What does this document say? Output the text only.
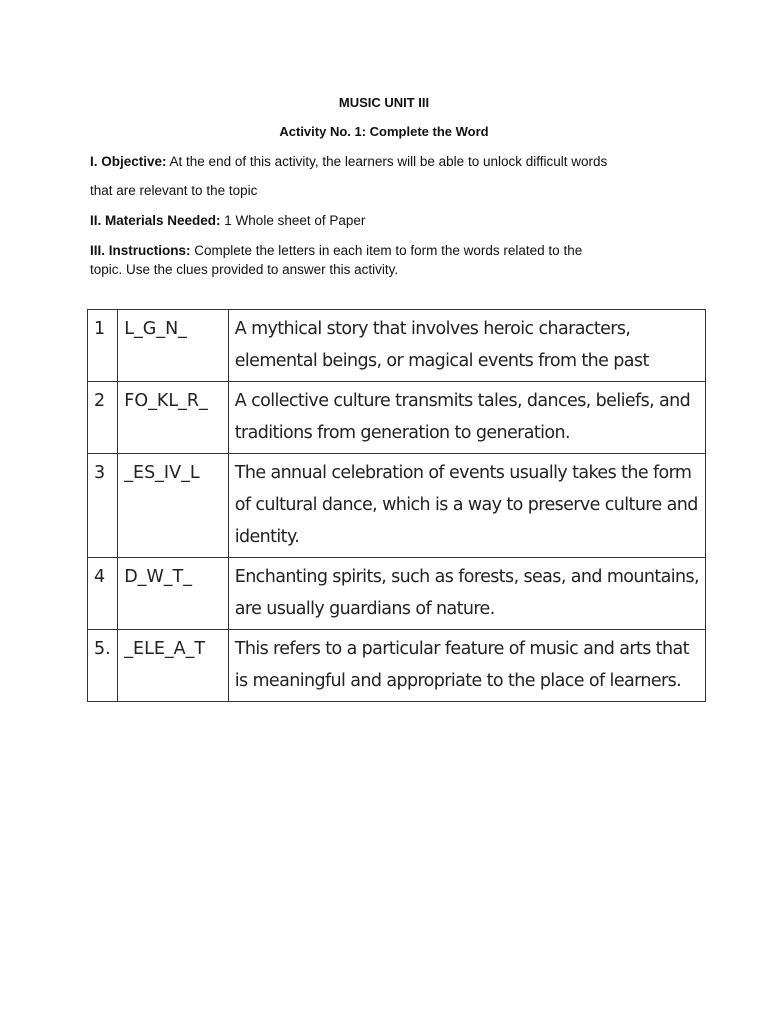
MUSIC UNIT III
Activity No. 1: Complete the Word
I. Objective: At the end of this activity, the learners will be able to unlock difficult words
that are relevant to the topic
II. Materials Needed: 1 Whole sheet of Paper
III. Instructions: Complete the letters in each item to form the words related to the
topic. Use the clues provided to answer this activity.
1	L_G_N_	A mythical story that involves heroic characters,
elemental beings, or magical events from the past

2	FO_KL_R_	A collective culture transmits tales, dances, beliefs, and
traditions from generation to generation.

3	_ES_IV_L	The annual celebration of events usually takes the form
of cultural dance, which is a way to preserve culture and
identity.

4	D_W_T_	Enchanting spirits, such as forests, seas, and mountains,
are usually guardians of nature.

5.	_ELE_A_T	This refers to a particular feature of music and arts that
is meaningful and appropriate to the place of learners.
